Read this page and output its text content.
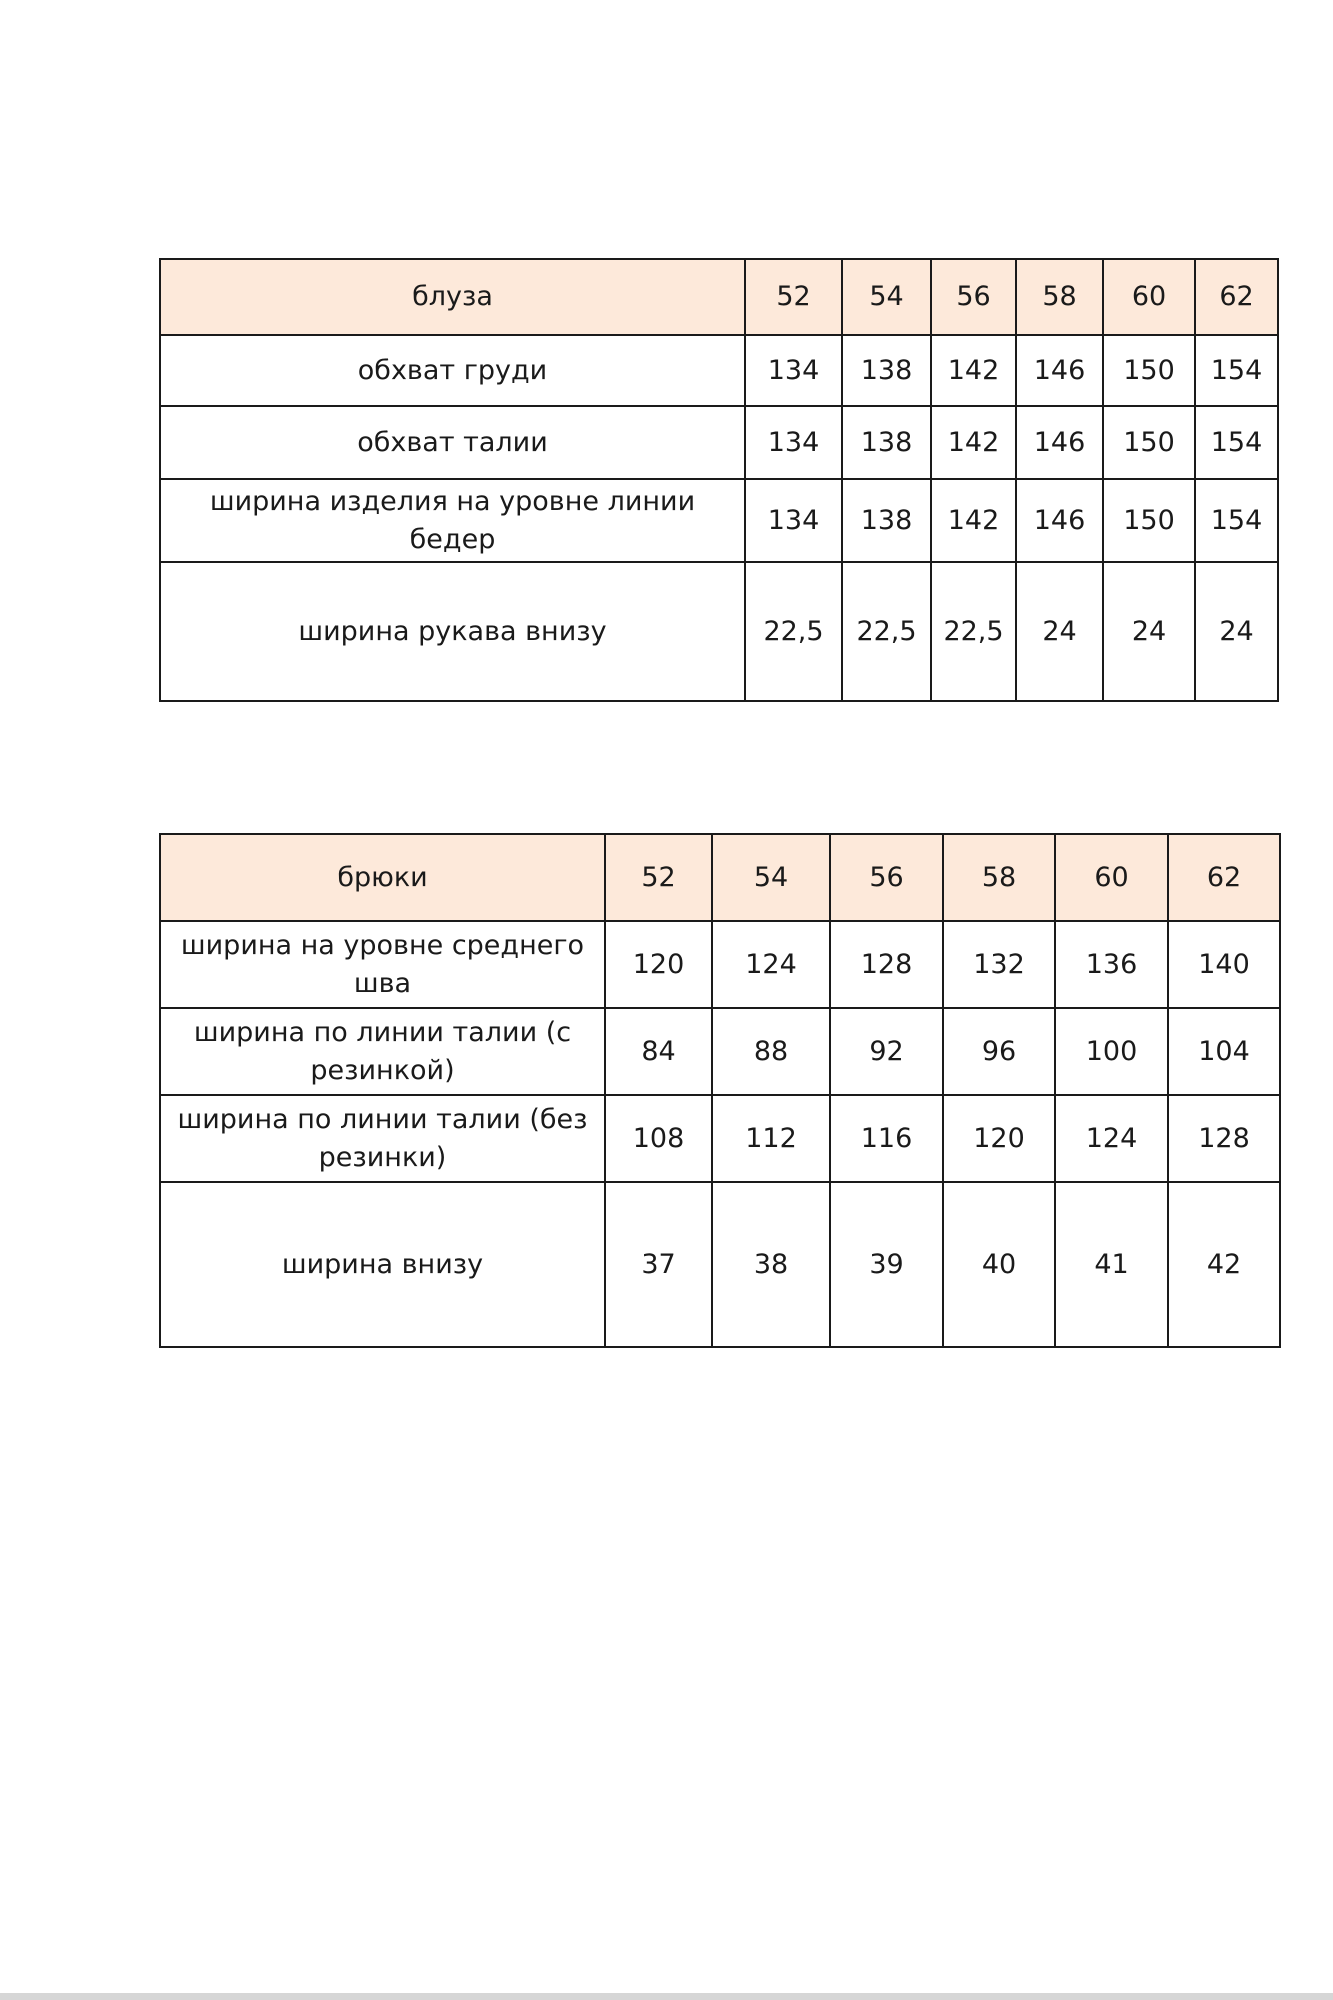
блуза	52	54	56	58	60	62
обхват груди	134	138	142	146	150	154
обхват талии	134	138	142	146	150	154
ширина изделия на уровне линии бедер	134	138	142	146	150	154
ширина рукава внизу	22,5	22,5	22,5	24	24	24
брюки	52	54	56	58	60	62
ширина на уровне среднего шва	120	124	128	132	136	140
ширина по линии талии (с резинкой)	84	88	92	96	100	104
ширина по линии талии (без резинки)	108	112	116	120	124	128
ширина внизу	37	38	39	40	41	42
